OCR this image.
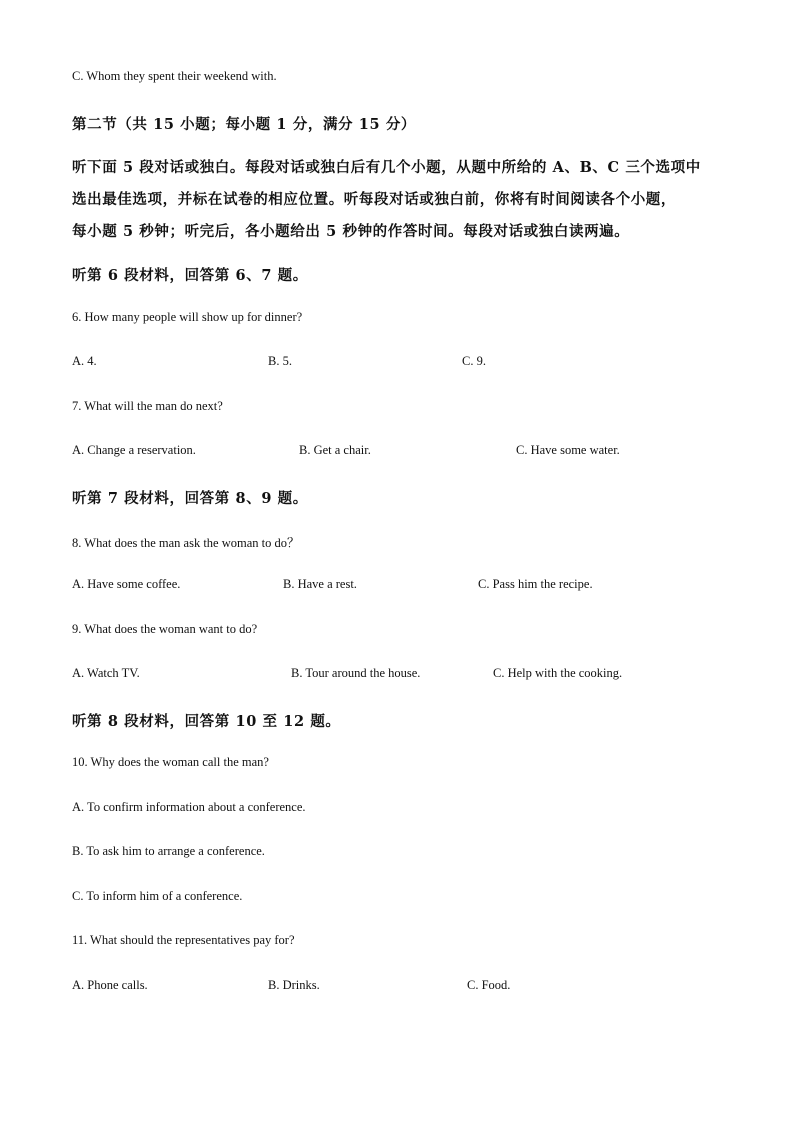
C. Whom they spent their weekend with.
第二节（共 15 小题；每小题 1 分，满分 15 分）
听下面 5 段对话或独白。每段对话或独白后有几个小题，从题中所给的 A、B、C 三个选项中
选出最佳选项，并标在试卷的相应位置。听每段对话或独白前，你将有时间阅读各个小题，
每小题 5 秒钟；听完后，各小题给出 5 秒钟的作答时间。每段对话或独白读两遍。
听第 6 段材料，回答第 6、7 题。
6. How many people will show up for dinner?
A. 4.	B. 5.	C. 9.
7. What will the man do next?
A. Change a reservation.	B. Get a chair.	C. Have some water.
听第 7 段材料，回答第 8、9 题。
8. What does the man ask the woman to do？
A. Have some coffee.	B. Have a rest.	C. Pass him the recipe.
9. What does the woman want to do?
A. Watch TV.	B. Tour around the house.	C. Help with the cooking.
听第 8 段材料，回答第 10 至 12 题。
10. Why does the woman call the man?
A. To confirm information about a conference.
B. To ask him to arrange a conference.
C. To inform him of a conference.
11. What should the representatives pay for?
A. Phone calls.	B. Drinks.	C. Food.
